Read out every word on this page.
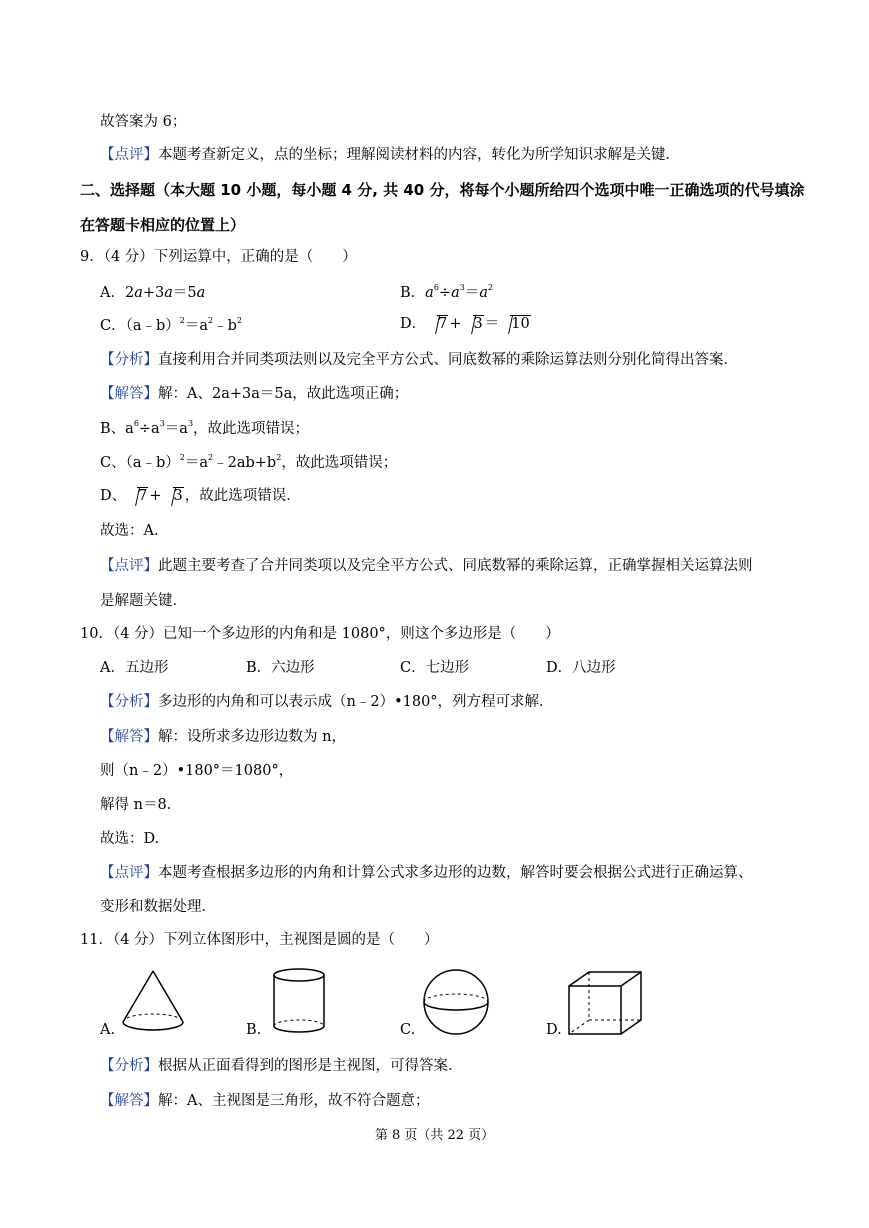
故答案为 6；
【点评】本题考查新定义，点的坐标；理解阅读材料的内容，转化为所学知识求解是关键．
二、选择题（本大题 10 小题，每小题 4 分, 共 40 分，将每个小题所给四个选项中唯一正确选项的代号填涂
在答题卡相应的位置上）
9．（4 分）下列运算中，正确的是（　　）
A．2a+3a＝5a	B．$a^6\div a^3=a^2$
C．$(a﹣b)^2=a^2﹣b^2$	D． 7 + 3 ＝ 10
【分析】直接利用合并同类项法则以及完全平方公式、同底数幂的乘除运算法则分别化简得出答案．
【解答】解：A、2a+3a＝5a，故此选项正确；
B、$a^6\div a^3=a^3$，故此选项错误；
C、$(a﹣b)^2=a^2﹣2ab+b^2$，故此选项错误；
D、 7 + 3 ，故此选项错误．
故选：A.
【点评】此题主要考查了合并同类项以及完全平方公式、同底数幂的乘除运算，正确掌握相关运算法则
是解题关键．
10．（4 分）已知一个多边形的内角和是 1080°，则这个多边形是（　　）
A．五边形	B．六边形	C．七边形	D．八边形
【分析】多边形的内角和可以表示成（n﹣2）•180°，列方程可求解．
【解答】解：设所求多边形边数为 n，
则（n﹣2）•180°＝1080°，
解得 n＝8．
故选：D.
【点评】本题考查根据多边形的内角和计算公式求多边形的边数，解答时要会根据公式进行正确运算、
变形和数据处理．
11．（4 分）下列立体图形中，主视图是圆的是（　　）
A.	B.	C.	D.
【分析】根据从正面看得到的图形是主视图，可得答案．
【解答】解：A、主视图是三角形，故不符合题意；
第 8 页（共 22 页）
